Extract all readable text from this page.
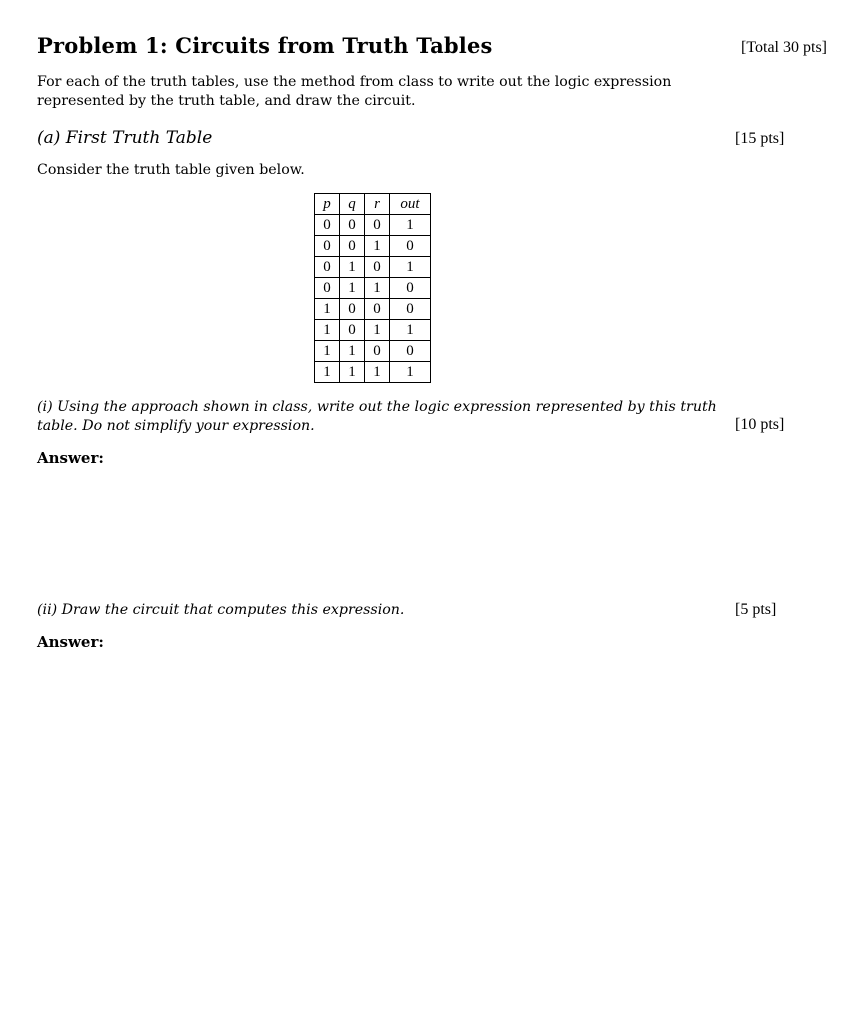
Problem 1: Circuits from Truth Tables	[Total 30 pts]
For each of the truth tables, use the method from class to write out the logic expression represented by the truth table, and draw the circuit.
(a) First Truth Table	[15 pts]
Consider the truth table given below.
p	q	r	out
0	0	0	1
0	0	1	0
0	1	0	1
0	1	1	0
1	0	0	0
1	0	1	1
1	1	0	0
1	1	1	1
(i) Using the approach shown in class, write out the logic expression represented by this truth table. Do not simplify your expression.	[10 pts]
Answer:
(ii) Draw the circuit that computes this expression.	[5 pts]
Answer:
